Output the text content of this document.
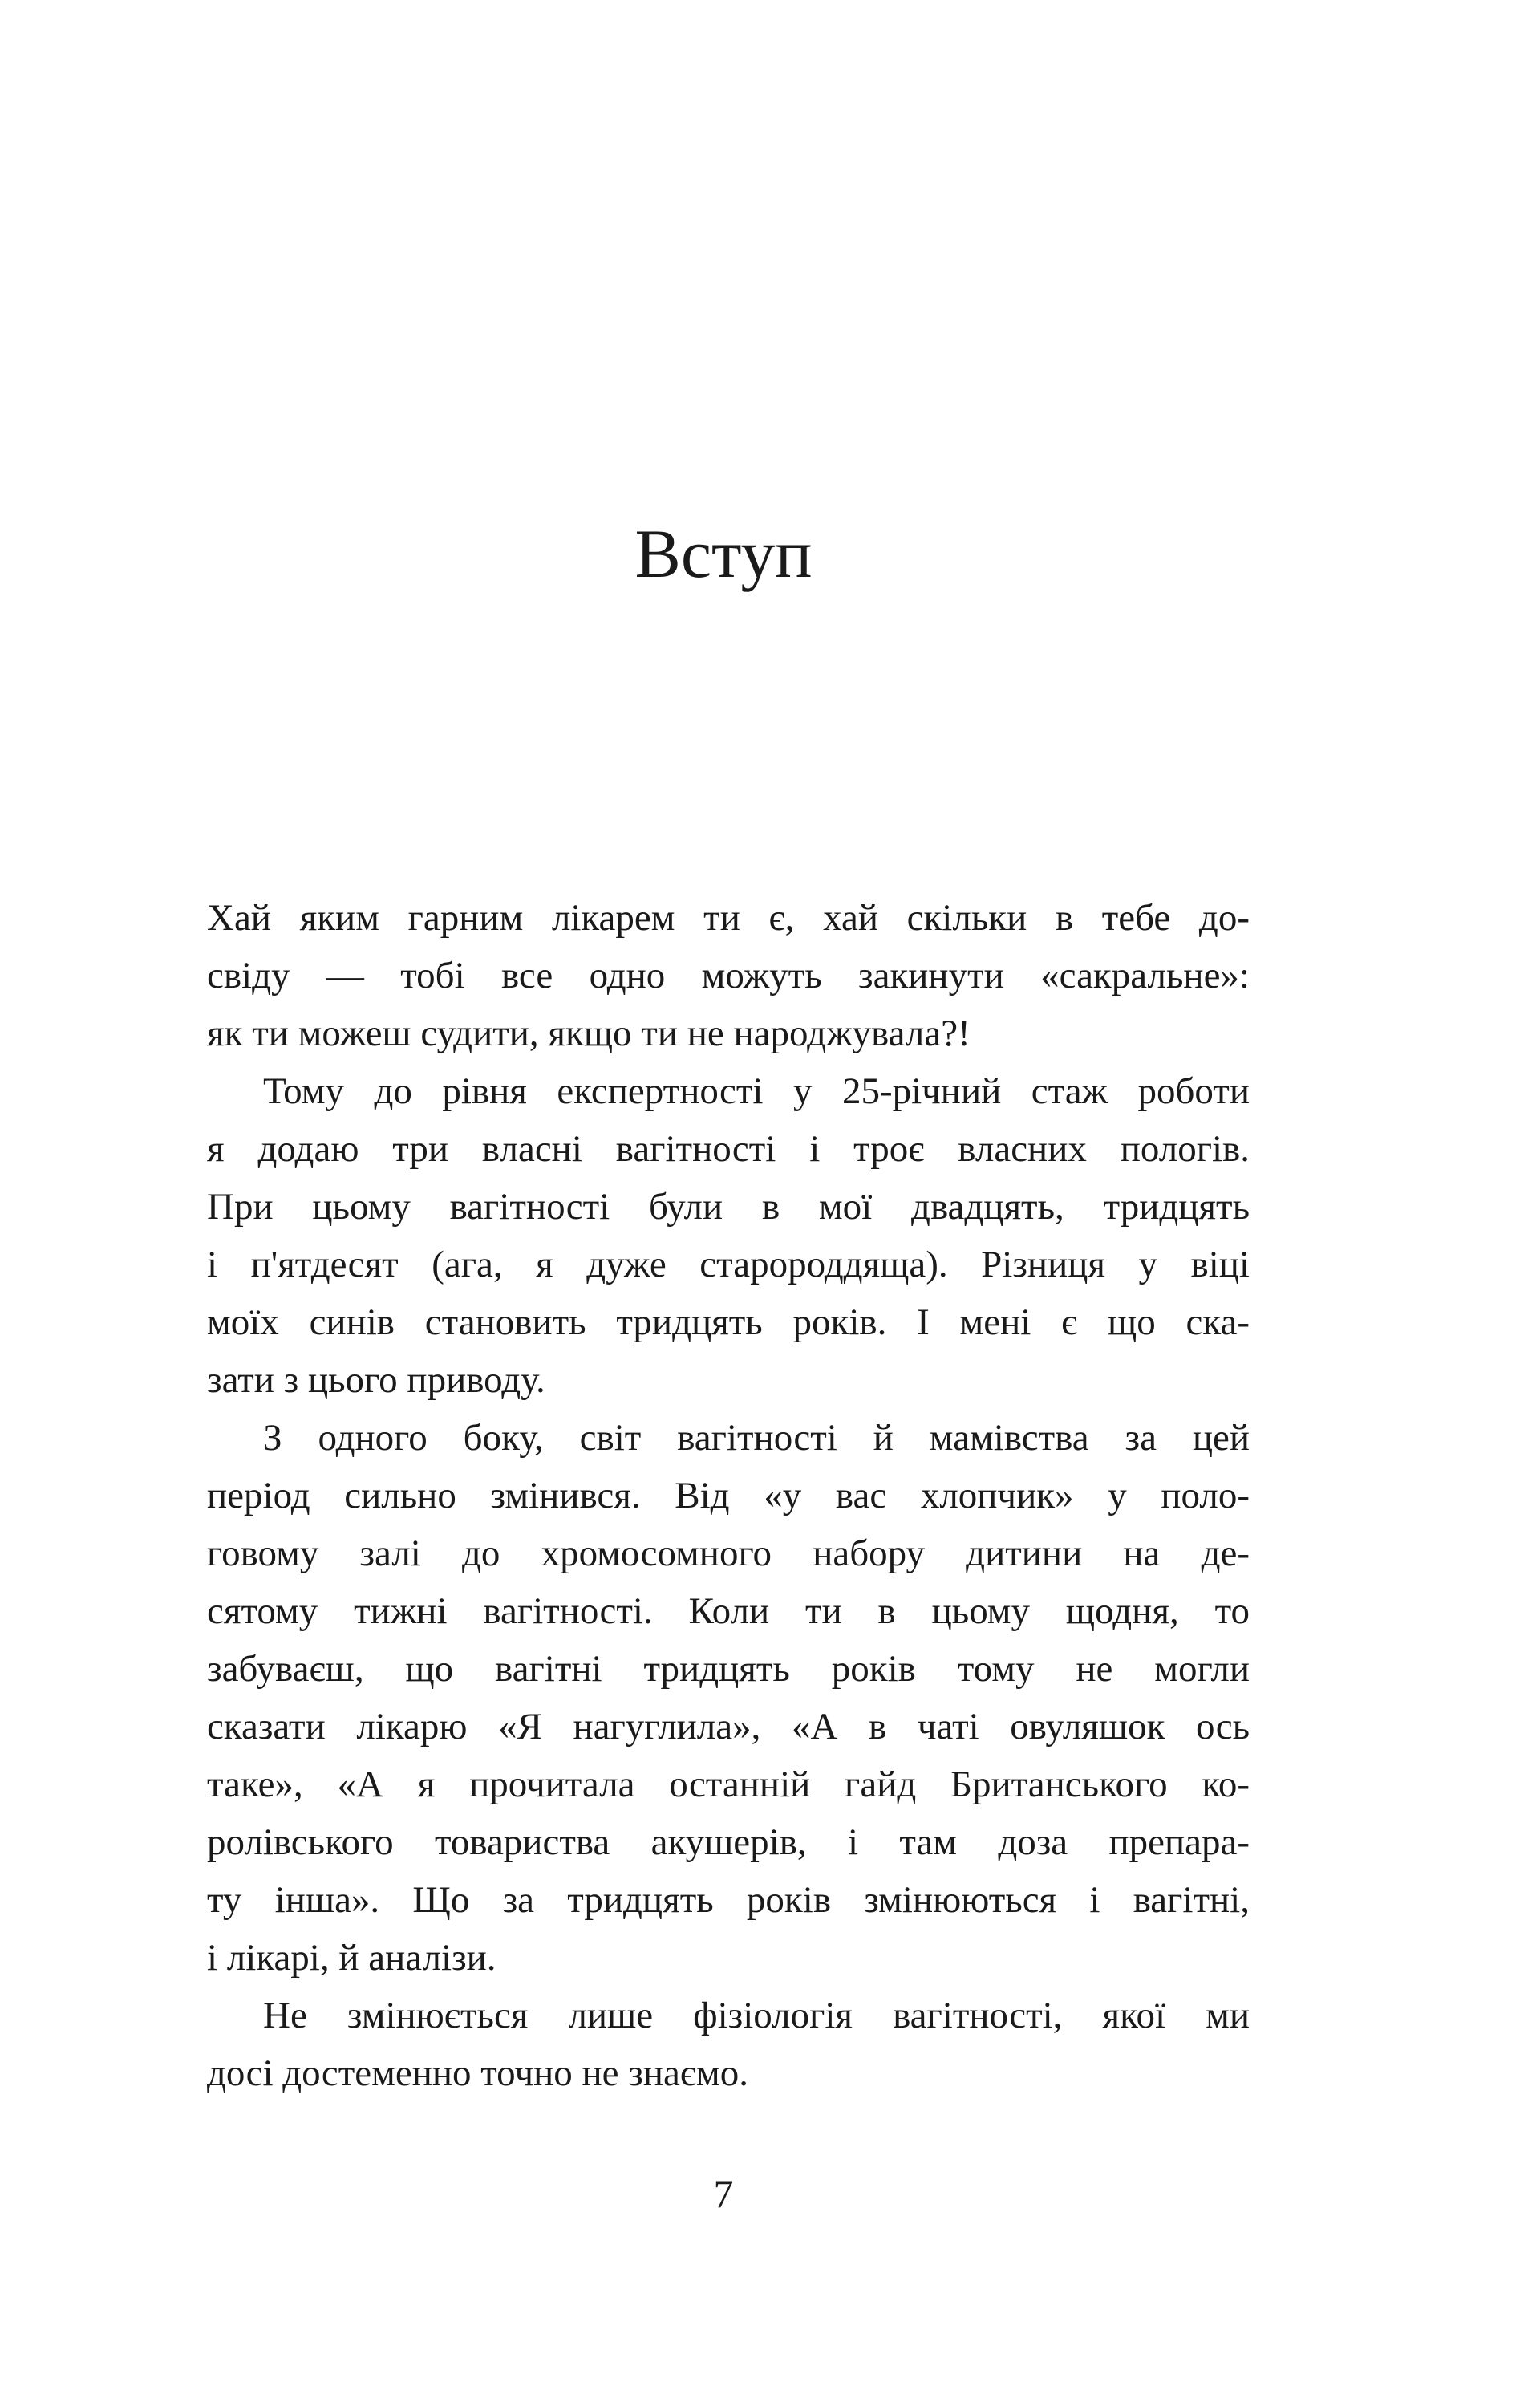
Вступ
Хай яким гарним лікарем ти є, хай скільки в тебе до-
свіду — тобі все одно можуть закинути «сакральне»:
як ти можеш судити, якщо ти не народжувала?!
Тому до рівня експертності у 25-річний стаж роботи
я додаю три власні вагітності і троє власних пологів.
При цьому вагітності були в мої двадцять, тридцять
і п'ятдесят (ага, я дуже старороддяща). Різниця у віці
моїх синів становить тридцять років. І мені є що ска-
зати з цього приводу.
З одного боку, світ вагітності й мамівства за цей
період сильно змінився. Від «у вас хлопчик» у поло-
говому залі до хромосомного набору дитини на де-
сятому тижні вагітності. Коли ти в цьому щодня, то
забуваєш, що вагітні тридцять років тому не могли
сказати лікарю «Я нагуглила», «А в чаті овуляшок ось
таке», «А я прочитала останній гайд Британського ко-
ролівського товариства акушерів, і там доза препара-
ту інша». Що за тридцять років змінюються і вагітні,
і лікарі, й аналізи.
Не змінюється лише фізіологія вагітності, якої ми
досі достеменно точно не знаємо.
7
